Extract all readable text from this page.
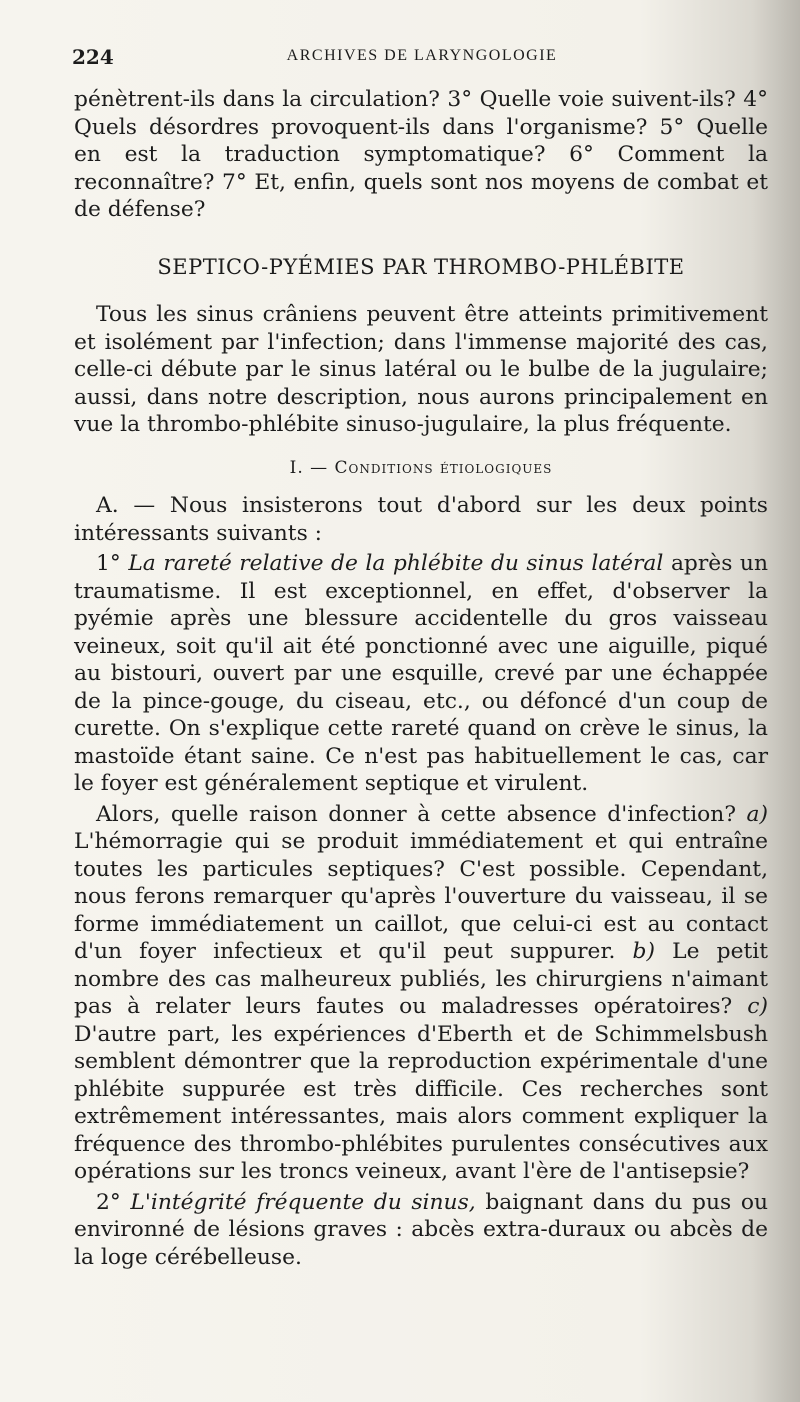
224	ARCHIVES DE LARYNGOLOGIE

pénètrent-ils dans la circulation? 3° Quelle voie suivent-ils? 4° Quels désordres provoquent-ils dans l'organisme? 5° Quelle en est la traduction symptomatique? 6° Comment la reconnaître? 7° Et, enfin, quels sont nos moyens de combat et de défense?

SEPTICO-PYÉMIES PAR THROMBO-PHLÉBITE

Tous les sinus crâniens peuvent être atteints primitivement et isolément par l'infection; dans l'immense majorité des cas, celle-ci débute par le sinus latéral ou le bulbe de la jugulaire; aussi, dans notre description, nous aurons principalement en vue la thrombo-phlébite sinuso-jugulaire, la plus fréquente.

I. — Conditions étiologiques

A. — Nous insisterons tout d'abord sur les deux points intéressants suivants :

1° La rareté relative de la phlébite du sinus latéral après un traumatisme. Il est exceptionnel, en effet, d'observer la pyémie après une blessure accidentelle du gros vaisseau veineux, soit qu'il ait été ponctionné avec une aiguille, piqué au bistouri, ouvert par une esquille, crevé par une échappée de la pince-gouge, du ciseau, etc., ou défoncé d'un coup de curette. On s'explique cette rareté quand on crève le sinus, la mastoïde étant saine. Ce n'est pas habituellement le cas, car le foyer est généralement septique et virulent.

Alors, quelle raison donner à cette absence d'infection? a) L'hémorragie qui se produit immédiatement et qui entraîne toutes les particules septiques? C'est possible. Cependant, nous ferons remarquer qu'après l'ouverture du vaisseau, il se forme immédiatement un caillot, que celui-ci est au contact d'un foyer infectieux et qu'il peut suppurer. b) Le petit nombre des cas malheureux publiés, les chirurgiens n'aimant pas à relater leurs fautes ou maladresses opératoires? c) D'autre part, les expériences d'Eberth et de Schimmelsbush semblent démontrer que la reproduction expérimentale d'une phlébite suppurée est très difficile. Ces recherches sont extrêmement intéressantes, mais alors comment expliquer la fréquence des thrombo-phlébites purulentes consécutives aux opérations sur les troncs veineux, avant l'ère de l'antisepsie?

2° L'intégrité fréquente du sinus, baignant dans du pus ou environné de lésions graves : abcès extra-duraux ou abcès de la loge cérébelleuse.
